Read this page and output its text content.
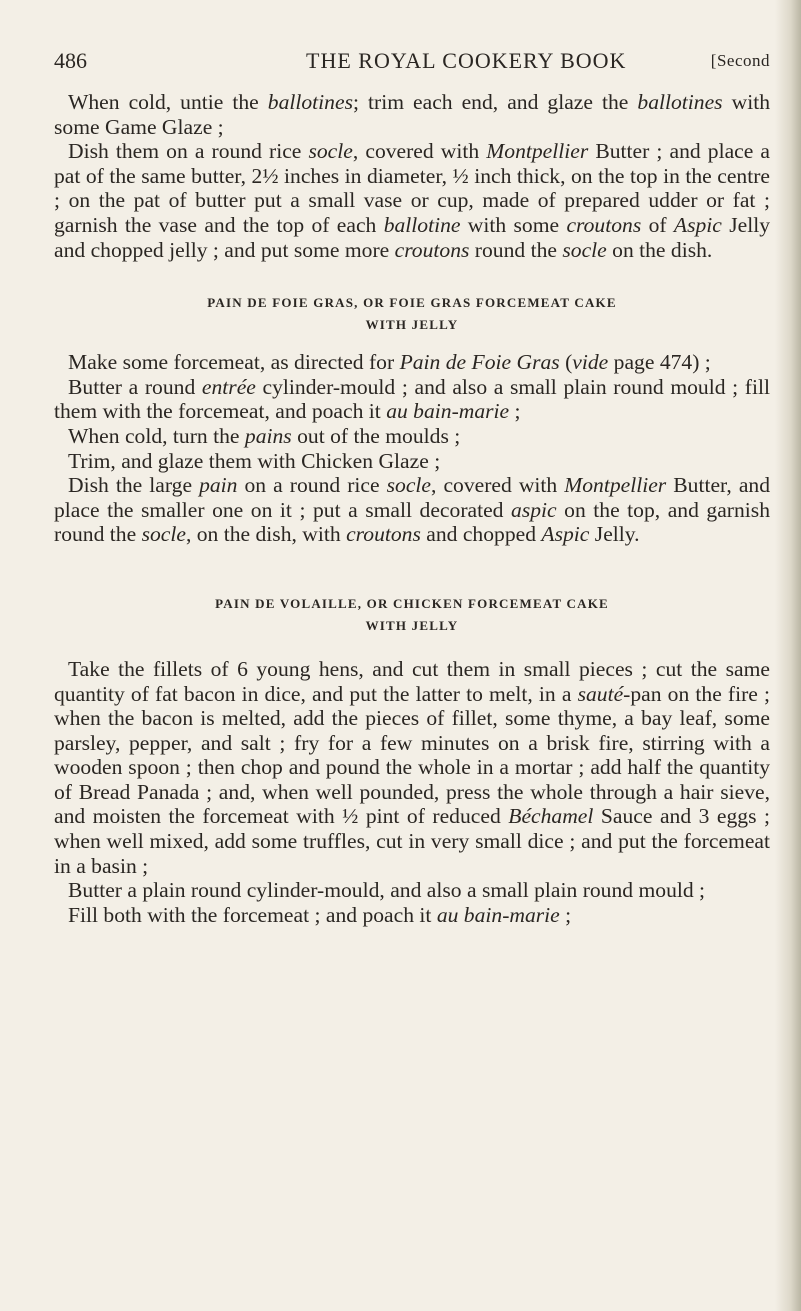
486	THE ROYAL COOKERY BOOK	[Second

When cold, untie the ballotines; trim each end, and glaze the ballotines with some Game Glaze ;

Dish them on a round rice socle, covered with Montpellier Butter ; and place a pat of the same butter, 2½ inches in diameter, ½ inch thick, on the top in the centre ; on the pat of butter put a small vase or cup, made of prepared udder or fat ; garnish the vase and the top of each ballotine with some croutons of Aspic Jelly and chopped jelly ; and put some more croutons round the socle on the dish.

PAIN DE FOIE GRAS, OR FOIE GRAS FORCEMEAT CAKE
WITH JELLY

Make some forcemeat, as directed for Pain de Foie Gras (vide page 474) ;

Butter a round entrée cylinder-mould ; and also a small plain round mould ; fill them with the forcemeat, and poach it au bain-marie ;

When cold, turn the pains out of the moulds ;

Trim, and glaze them with Chicken Glaze ;

Dish the large pain on a round rice socle, covered with Montpellier Butter, and place the smaller one on it ; put a small decorated aspic on the top, and garnish round the socle, on the dish, with croutons and chopped Aspic Jelly.

PAIN DE VOLAILLE, OR CHICKEN FORCEMEAT CAKE
WITH JELLY

Take the fillets of 6 young hens, and cut them in small pieces ; cut the same quantity of fat bacon in dice, and put the latter to melt, in a sauté-pan on the fire ; when the bacon is melted, add the pieces of fillet, some thyme, a bay leaf, some parsley, pepper, and salt ; fry for a few minutes on a brisk fire, stirring with a wooden spoon ; then chop and pound the whole in a mortar ; add half the quantity of Bread Panada ; and, when well pounded, press the whole through a hair sieve, and moisten the forcemeat with ½ pint of reduced Béchamel Sauce and 3 eggs ; when well mixed, add some truffles, cut in very small dice ; and put the forcemeat in a basin ;

Butter a plain round cylinder-mould, and also a small plain round mould ;

Fill both with the forcemeat ; and poach it au bain-marie ;
